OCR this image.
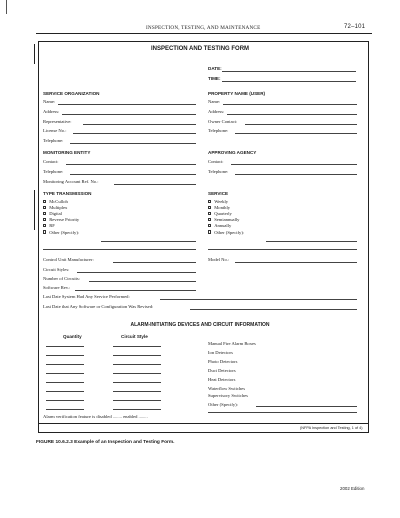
INSPECTION, TESTING, AND MAINTENANCE	72–101
INSPECTION AND TESTING FORM
DATE:
TIME:
SERVICE ORGANIZATION
Name:
Address:
Representative:
License No.:
Telephone:
PROPERTY NAME (USER)
Name:
Address:
Owner Contact:
Telephone:
MONITORING ENTITY
Contact:
Telephone:
Monitoring Account Ref. No.:
APPROVING AGENCY
Contact:
Telephone:
TYPE TRANSMISSION
McCulloh
Multiplex
Digital
Reverse Priority
RF
Other (Specify):
SERVICE
Weekly
Monthly
Quarterly
Semiannually
Annually
Other (Specify):
Control Unit Manufacturer:	Model No.:
Circuit Styles:
Number of Circuits:
Software Rev.:
Last Date System Had Any Service Performed:
Last Date that Any Software or Configuration Was Revised:
ALARM-INITIATING DEVICES AND CIRCUIT INFORMATION
Quantity	Circuit Style
Manual Fire Alarm Boxes
Ion Detectors
Photo Detectors
Duct Detectors
Heat Detectors
Waterflow Switches
Supervisory Switches
Other (Specify):
Alarm verification feature is disabled ........ enabled ........
(NFPA Inspection and Testing, 1 of 4)
FIGURE 10.6.2.3 Example of an Inspection and Testing Form.
2002 Edition
